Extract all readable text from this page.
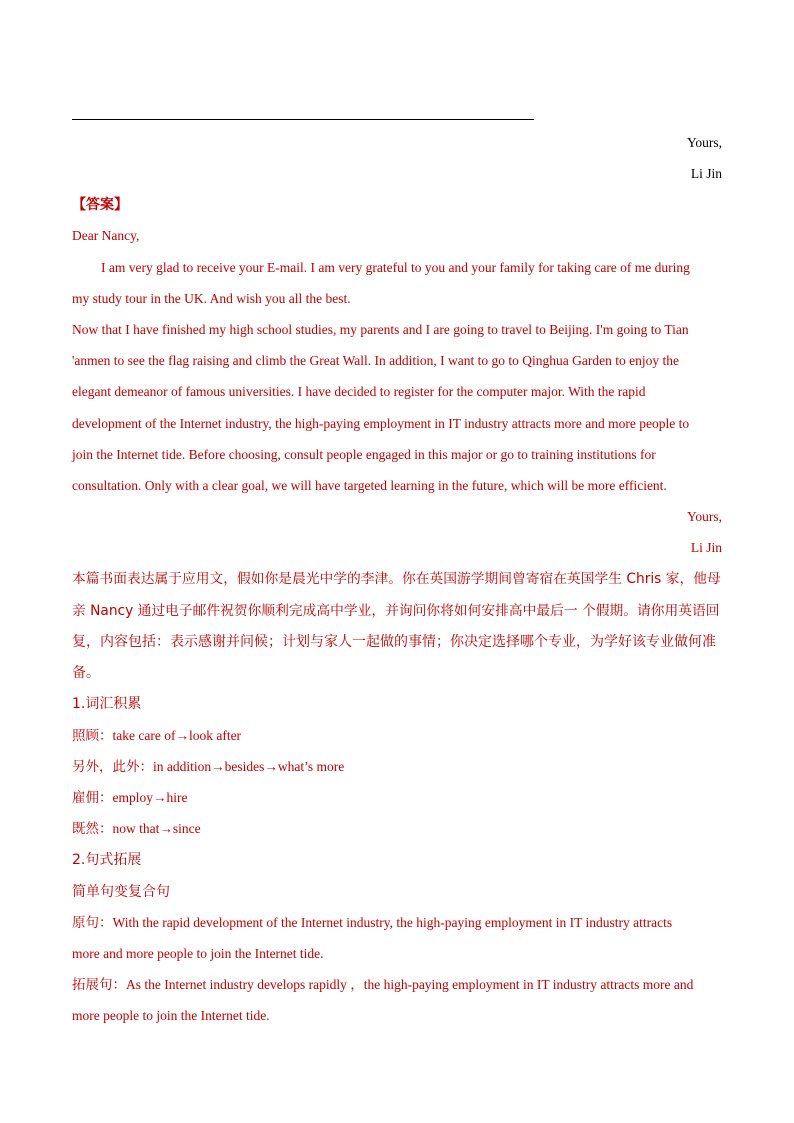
Yours,
Li Jin
【答案】
Dear Nancy,
I am very glad to receive your E-mail. I am very grateful to you and your family for taking care of me during
my study tour in the UK. And wish you all the best.
Now that I have finished my high school studies, my parents and I are going to travel to Beijing. I'm going to Tian
'anmen to see the flag raising and climb the Great Wall. In addition, I want to go to Qinghua Garden to enjoy the
elegant demeanor of famous universities. I have decided to register for the computer major. With the rapid
development of the Internet industry, the high-paying employment in IT industry attracts more and more people to
join the Internet tide. Before choosing, consult people engaged in this major or go to training institutions for
consultation. Only with a clear goal, we will have targeted learning in the future, which will be more efficient.
Yours,
Li Jin
本篇书面表达属于应用文，假如你是晨光中学的李津。你在英国游学期间曾寄宿在英国学生 Chris 家，他母
亲 Nancy 通过电子邮件祝贺你顺利完成高中学业，并询问你将如何安排高中最后一 个假期。请你用英语回
复，内容包括：表示感谢并问候；计划与家人一起做的事情；你决定选择哪个专业，为学好该专业做何准
备。
1.词汇积累
照顾：take care of→look after
另外，此外：in addition→besides→what’s more
雇佣：employ→hire
既然：now that→since
2.句式拓展
简单句变复合句
原句：With the rapid development of the Internet industry, the high-paying employment in IT industry attracts
more and more people to join the Internet tide.
拓展句：As the Internet industry develops rapidly ，the high-paying employment in IT industry attracts more and
more people to join the Internet tide.
